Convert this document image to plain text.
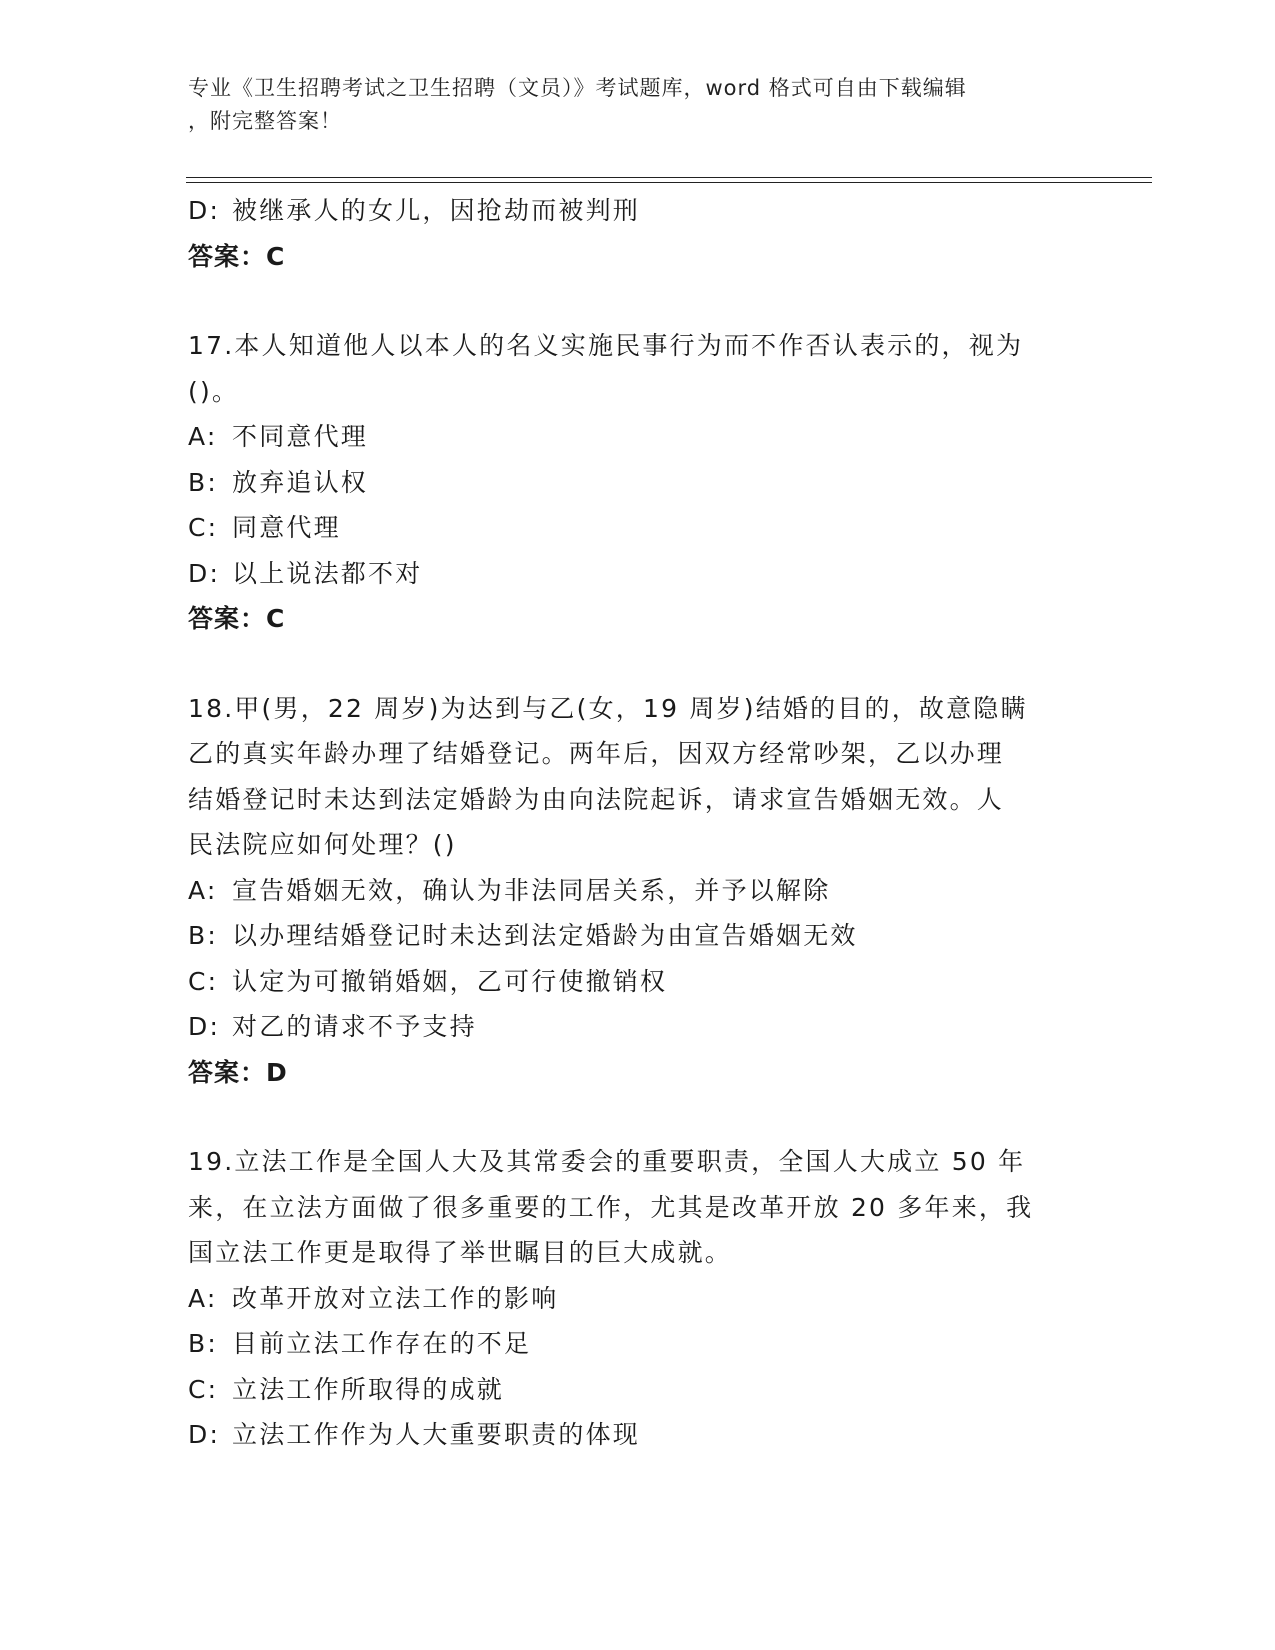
专业《卫生招聘考试之卫生招聘（文员）》考试题库，word 格式可自由下载编辑
，附完整答案！
D: 被继承人的女儿，因抢劫而被判刑
答案：C
17.本人知道他人以本人的名义实施民事行为而不作否认表示的，视为
()。
A: 不同意代理
B: 放弃追认权
C: 同意代理
D: 以上说法都不对
答案：C
18.甲(男，22 周岁)为达到与乙(女，19 周岁)结婚的目的，故意隐瞒
乙的真实年龄办理了结婚登记。两年后，因双方经常吵架，乙以办理
结婚登记时未达到法定婚龄为由向法院起诉，请求宣告婚姻无效。人
民法院应如何处理？()
A: 宣告婚姻无效，确认为非法同居关系，并予以解除
B: 以办理结婚登记时未达到法定婚龄为由宣告婚姻无效
C: 认定为可撤销婚姻，乙可行使撤销权
D: 对乙的请求不予支持
答案：D
19.立法工作是全国人大及其常委会的重要职责，全国人大成立 50 年
来，在立法方面做了很多重要的工作，尤其是改革开放 20 多年来，我
国立法工作更是取得了举世瞩目的巨大成就。
A: 改革开放对立法工作的影响
B: 目前立法工作存在的不足
C: 立法工作所取得的成就
D: 立法工作作为人大重要职责的体现
